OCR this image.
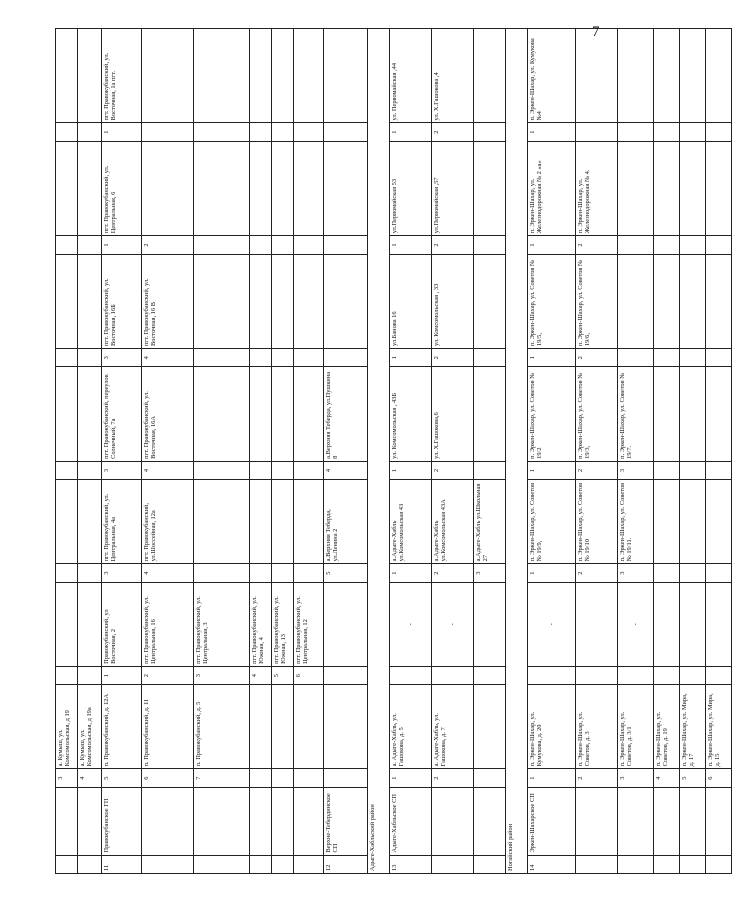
7
		3	а. Кумыш, ул. Комсомольская, д 19												
		4	а. Кумыш, ул. Комсомольская, д 19а												
11	Правокубанское ГП	5	п. Правокубанский, д. 12А	1	Правокубанский, ул Восточная, 2	3	пгт. Правокубанский, ул. Центральная, 4а	3	пгт. Правокубанский, переулок Солнечный, 7а	3	пгт. Правокубанский, ул. Восточная, 16Б	1	пгт. Правокубанский, ул. Центральная, 6	1	пгт. Правокубанский, ул. Восточная, 1а пгт.
		6	п. Правокубанский, д. 11	2	пгт. Правокубанский, ул. Центральная, 16	4	пгт. Правокубанский, ул.Шоссейная, 12а	4	пгт. Правокубанский, ул. Восточная, 16А	4	пгт. Правокубанский, ул. Восточная, 16 В	2			
		7	п. Правокубанский, д. 5	3	пгт. Правокубанский, ул. Центральная, 3										
				4	пгт. Правокубанский, ул. Южная, 4										
				5	пгт. Правокубанский, ул. Южная, 13										
				6	пгт. Правокубанский, ул. Центральная, 12										
12	Верхне-Тебердинское СП					5	а.Верхняя Теберда, ул.Ленина 2	4	а.Верхняя Теберда, ул.Пушкина 8						
Адыге-Хабльский район															
13	Адыге-Хабльское СП	1	а. Адыге-Хабль, ул. Гашокова, д. 5		-	1	а.Адыге-Хабль ул.Комсомольская 43	1	ул. Комсомольская , 43Б	1	ул.Банова 16	1	ул.Первомайская 53	1	ул. Первомайская ,44
		2	а. Адыге-Хабль, ул. Гашокова, д. 7		-	2	а.Адыге-Хабль ул.Комсомольская 43А	2	ул. Х.Гашокова,6	2	ул. Комсомольская , 33	2	ул.Первомайская ,57	2	ул. Х.Гашокова ,4
						3	а.Адыге-Хабль ул.Школьная 27								
Ногайский район															
14	Эркен-Шахарское СП	1	п. Эркен-Шахар, ул. Кумукова, д. 20		-	1	п. Эркен-Шахар, ул. Советов № 19/9,	1	п. Эркен-Шахар, ул. Советов № 19/2	1	п. Эркен-Шахар, ул. Советов № 19/5,	1	п. Эркен-Шахар, ул. Железнодорожная № 2 «а»	1	п. Эркен-Шахар, ул. Кумукова №4
		2	п. Эркен-Шахар, ул. Советов, д. 3			2	п. Эркен-Шахар, ул. Советов № 19/10	2	п. Эркен-Шахар, ул. Советов № 19/3,	2	п. Эркен-Шахар, ул. Советов № 19/6,	2	п. Эркен-Шахар, ул. Железнодорожная № 4.		
		3	п. Эркен-Шахар, ул. Советов, д. 3/1		-	3	п. Эркен-Шахар, ул. Советов № 19/11.	3	п. Эркен-Шахар, ул. Советов № 19/7.						
		4	п. Эркен-Шахар, ул. Советов, д. 19												
		5	п. Эркен-Шахар, ул. Мира, д. 17												
		6	п. Эркен-Шахар, ул. Мира, д. 15												
